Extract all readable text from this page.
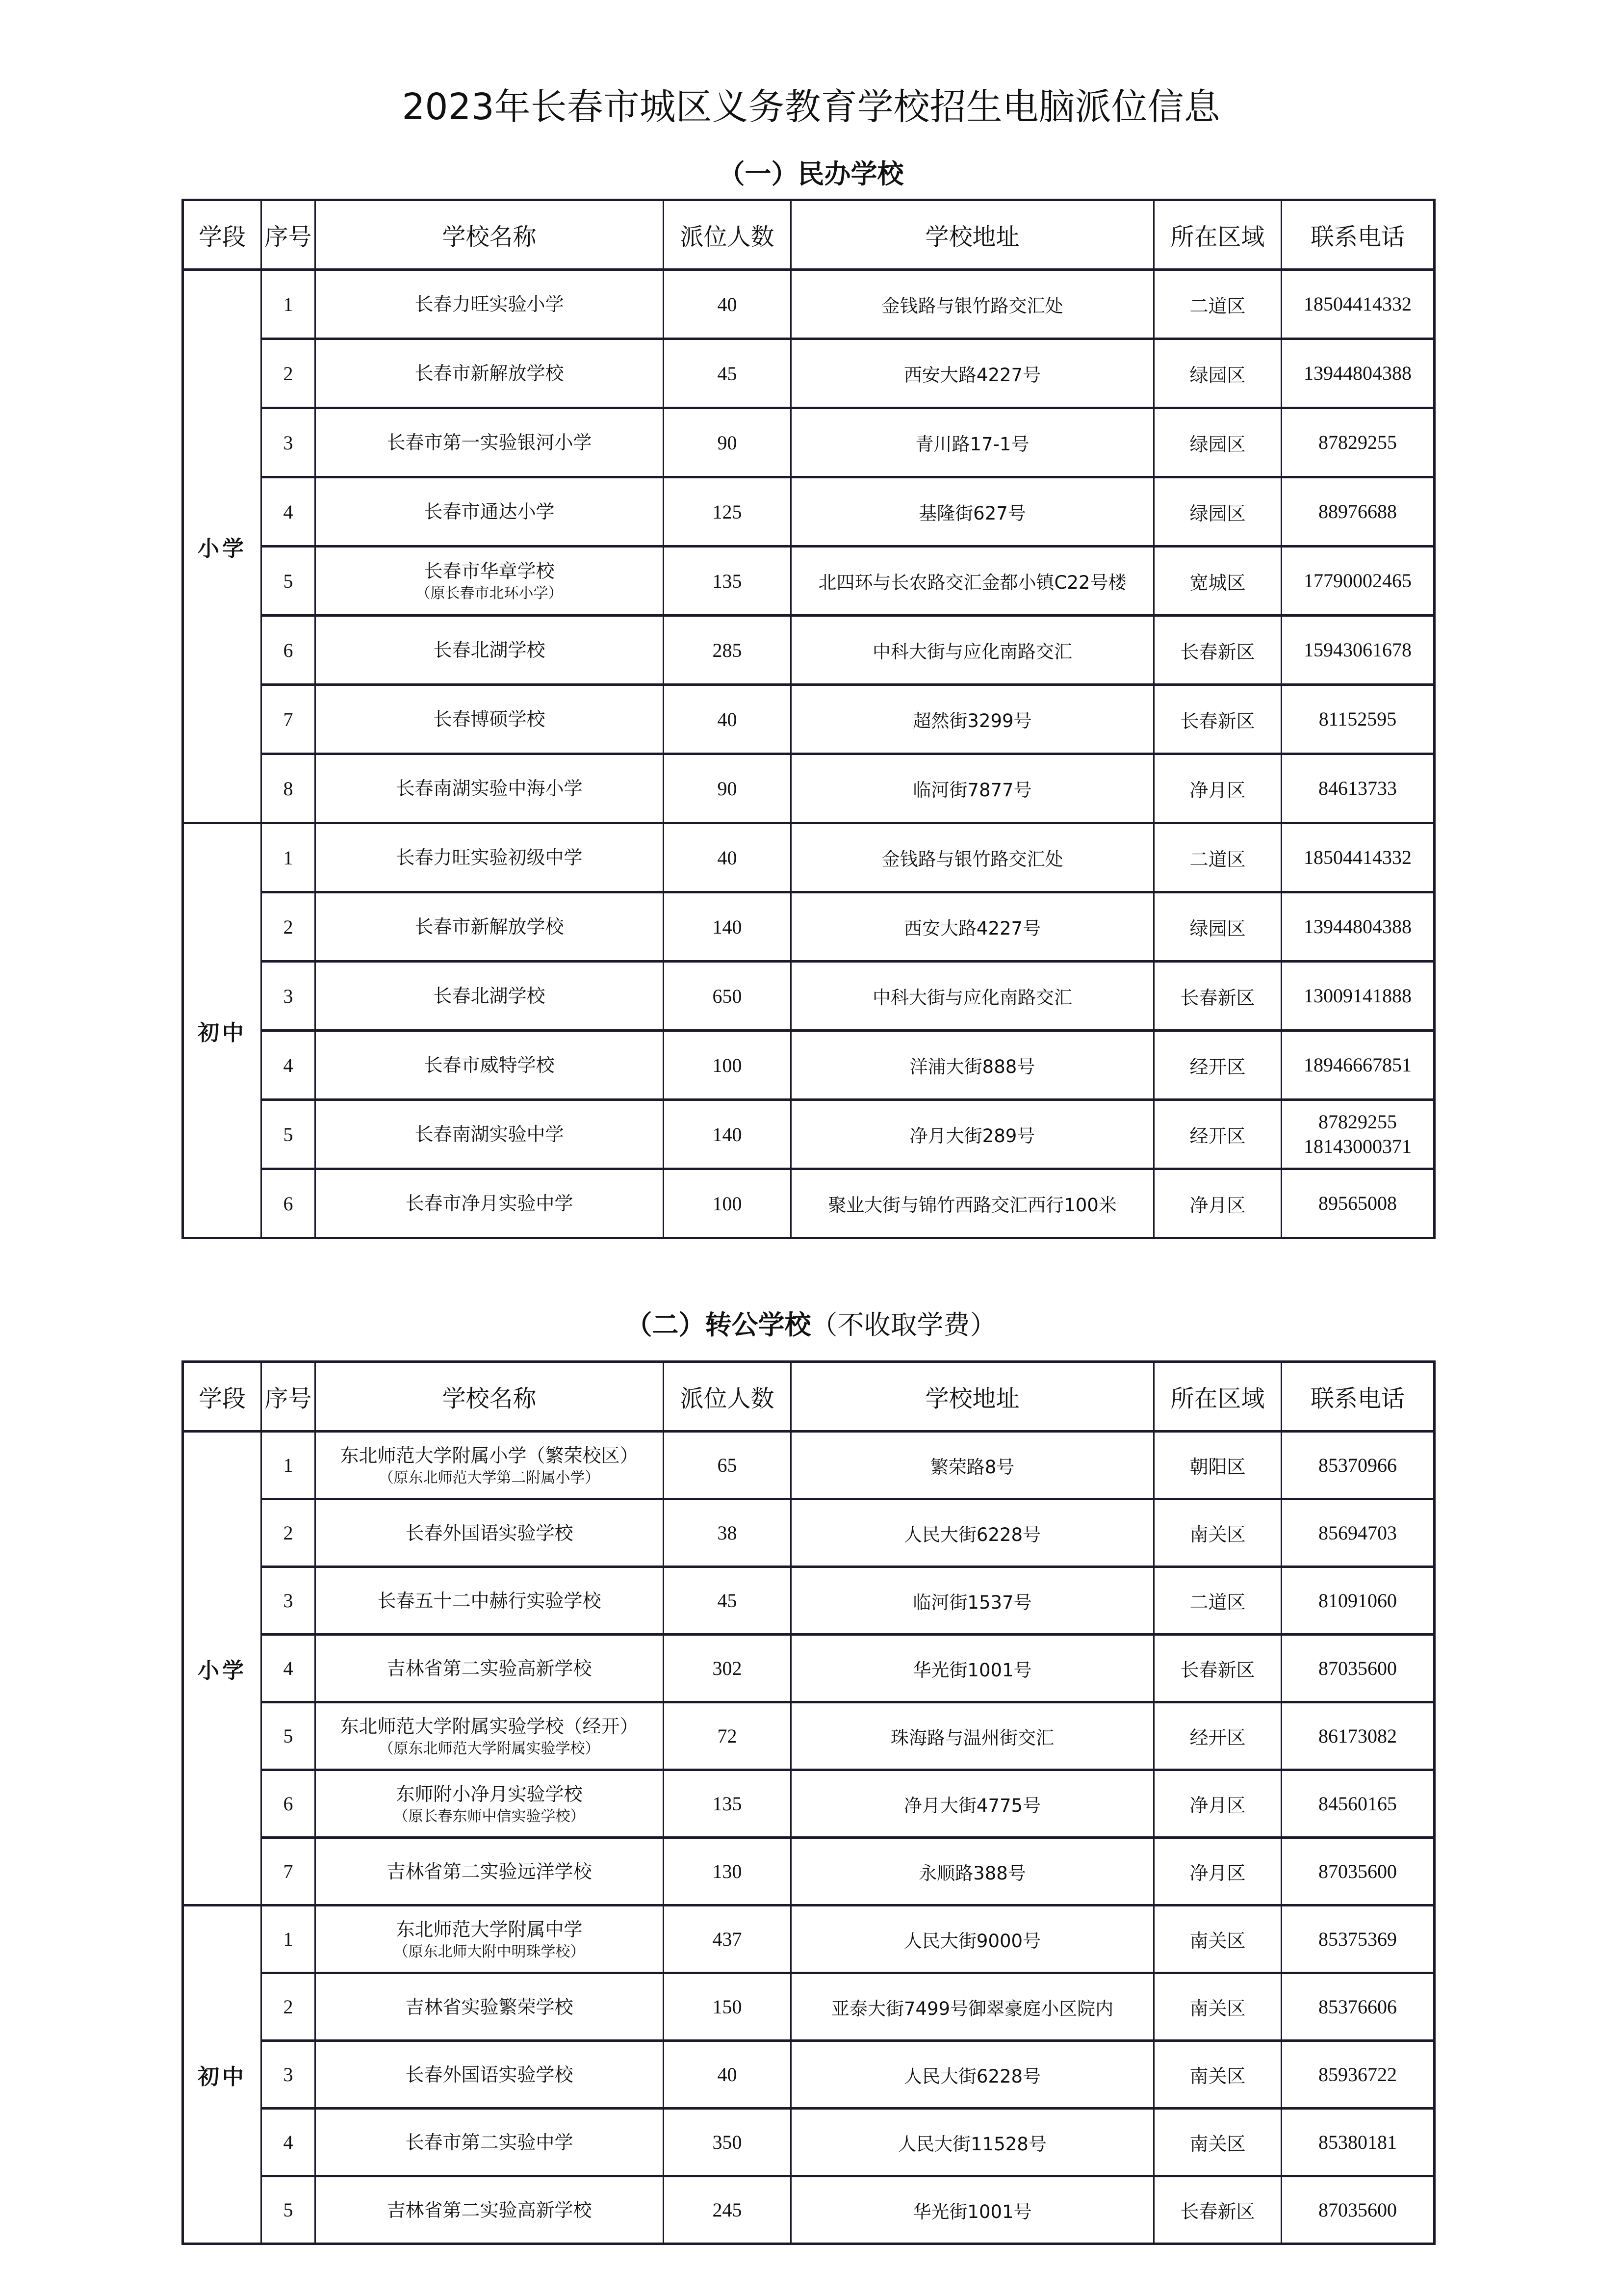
2023年长春市城区义务教育学校招生电脑派位信息
（一）民办学校
学段	序号	学校名称	派位人数	学校地址	所在区域	联系电话
小学	1	长春力旺实验小学	40	金钱路与银竹路交汇处	二道区	18504414332

	2	长春市新解放学校	45	西安大路4227号	绿园区	13944804388

	3	长春市第一实验银河小学	90	青川路17-1号	绿园区	87829255

	4	长春市通达小学	125	基隆街627号	绿园区	88976688

	5	长春市华章学校
（原长春市北环小学）	135	北四环与长农路交汇金都小镇C22号楼	宽城区	17790002465

	6	长春北湖学校	285	中科大街与应化南路交汇	长春新区	15943061678

	7	长春博硕学校	40	超然街3299号	长春新区	81152595

	8	长春南湖实验中海小学	90	临河街7877号	净月区	84613733

初中	1	长春力旺实验初级中学	40	金钱路与银竹路交汇处	二道区	18504414332

	2	长春市新解放学校	140	西安大路4227号	绿园区	13944804388

	3	长春北湖学校	650	中科大街与应化南路交汇	长春新区	13009141888

	4	长春市威特学校	100	洋浦大街888号	经开区	18946667851

	5	长春南湖实验中学	140	净月大街289号	经开区	87829255
18143000371

	6	长春市净月实验中学	100	聚业大街与锦竹西路交汇西行100米	净月区	89565008
（二）转公学校（不收取学费）
学段	序号	学校名称	派位人数	学校地址	所在区域	联系电话
小学	1	东北师范大学附属小学（繁荣校区）
（原东北师范大学第二附属小学）	65	繁荣路8号	朝阳区	85370966

	2	长春外国语实验学校	38	人民大街6228号	南关区	85694703

	3	长春五十二中赫行实验学校	45	临河街1537号	二道区	81091060

	4	吉林省第二实验高新学校	302	华光街1001号	长春新区	87035600

	5	东北师范大学附属实验学校（经开）
（原东北师范大学附属实验学校）	72	珠海路与温州街交汇	经开区	86173082

	6	东师附小净月实验学校
（原长春东师中信实验学校）	135	净月大街4775号	净月区	84560165

	7	吉林省第二实验远洋学校	130	永顺路388号	净月区	87035600

初中	1	东北师范大学附属中学
（原东北师大附中明珠学校）	437	人民大街9000号	南关区	85375369

	2	吉林省实验繁荣学校	150	亚泰大街7499号御翠豪庭小区院内	南关区	85376606

	3	长春外国语实验学校	40	人民大街6228号	南关区	85936722

	4	长春市第二实验中学	350	人民大街11528号	南关区	85380181

	5	吉林省第二实验高新学校	245	华光街1001号	长春新区	87035600
